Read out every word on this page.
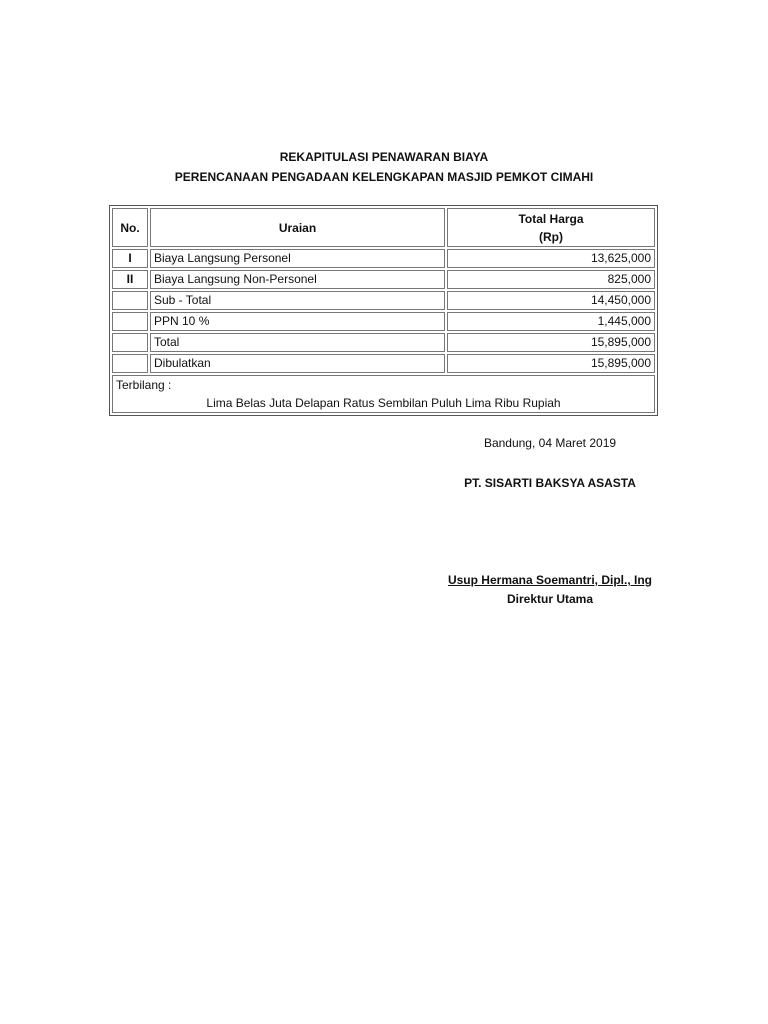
REKAPITULASI PENAWARAN BIAYA
PERENCANAAN PENGADAAN KELENGKAPAN MASJID PEMKOT CIMAHI
No.	Uraian	Total Harga
(Rp)
I	Biaya Langsung Personel	13,625,000
II	Biaya Langsung Non-Personel	825,000
	Sub - Total	14,450,000
	PPN 10 %	1,445,000
	Total	15,895,000
	Dibulatkan	15,895,000
Terbilang :
Lima Belas Juta Delapan Ratus Sembilan Puluh Lima Ribu Rupiah		
Bandung, 04 Maret 2019
PT. SISARTI BAKSYA ASASTA
Usup Hermana Soemantri, Dipl., Ing
Direktur Utama
